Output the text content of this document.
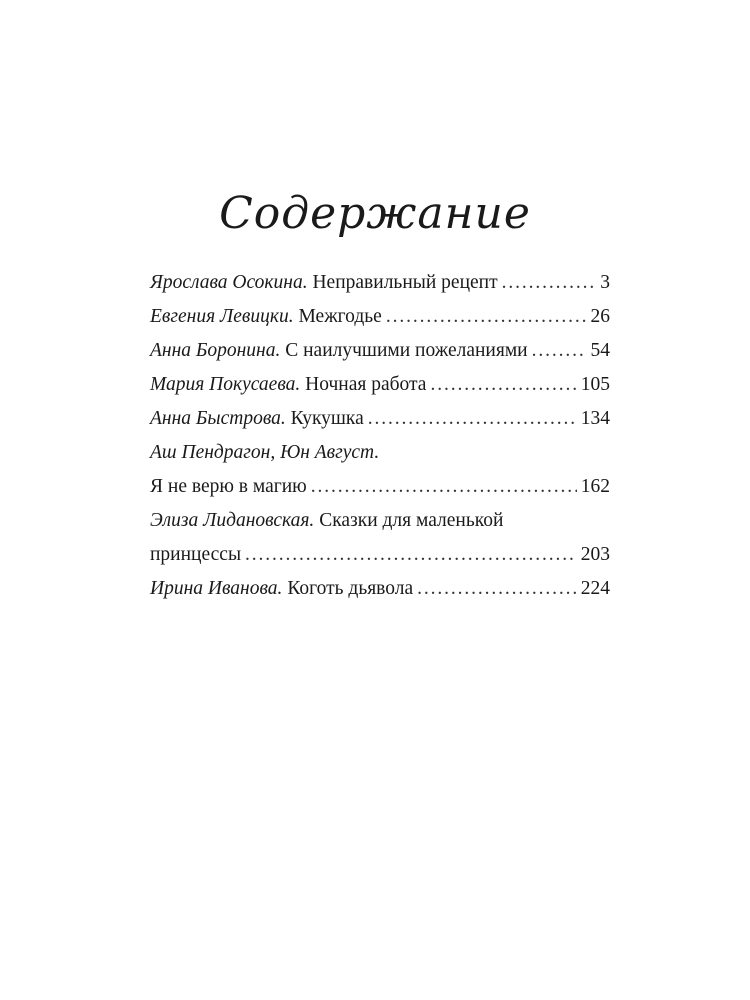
Содержание
Ярослава Осокина.
Неправильный рецепт . . .	3
Евгения Левицки.
Межгодье . . .	26
Анна Боронина.
С наилучшими пожеланиями . . .	54
Мария Покусаева.
Ночная работа . . .	105
Анна Быстрова.
Кукушка . . .	134
Аш Пендрагон, Юн Август.
Я не верю в магию . . .	162
Элиза Лидановская.
Сказки для маленькой
принцессы . . .	203
Ирина Иванова.
Коготь дьявола . . .	224
